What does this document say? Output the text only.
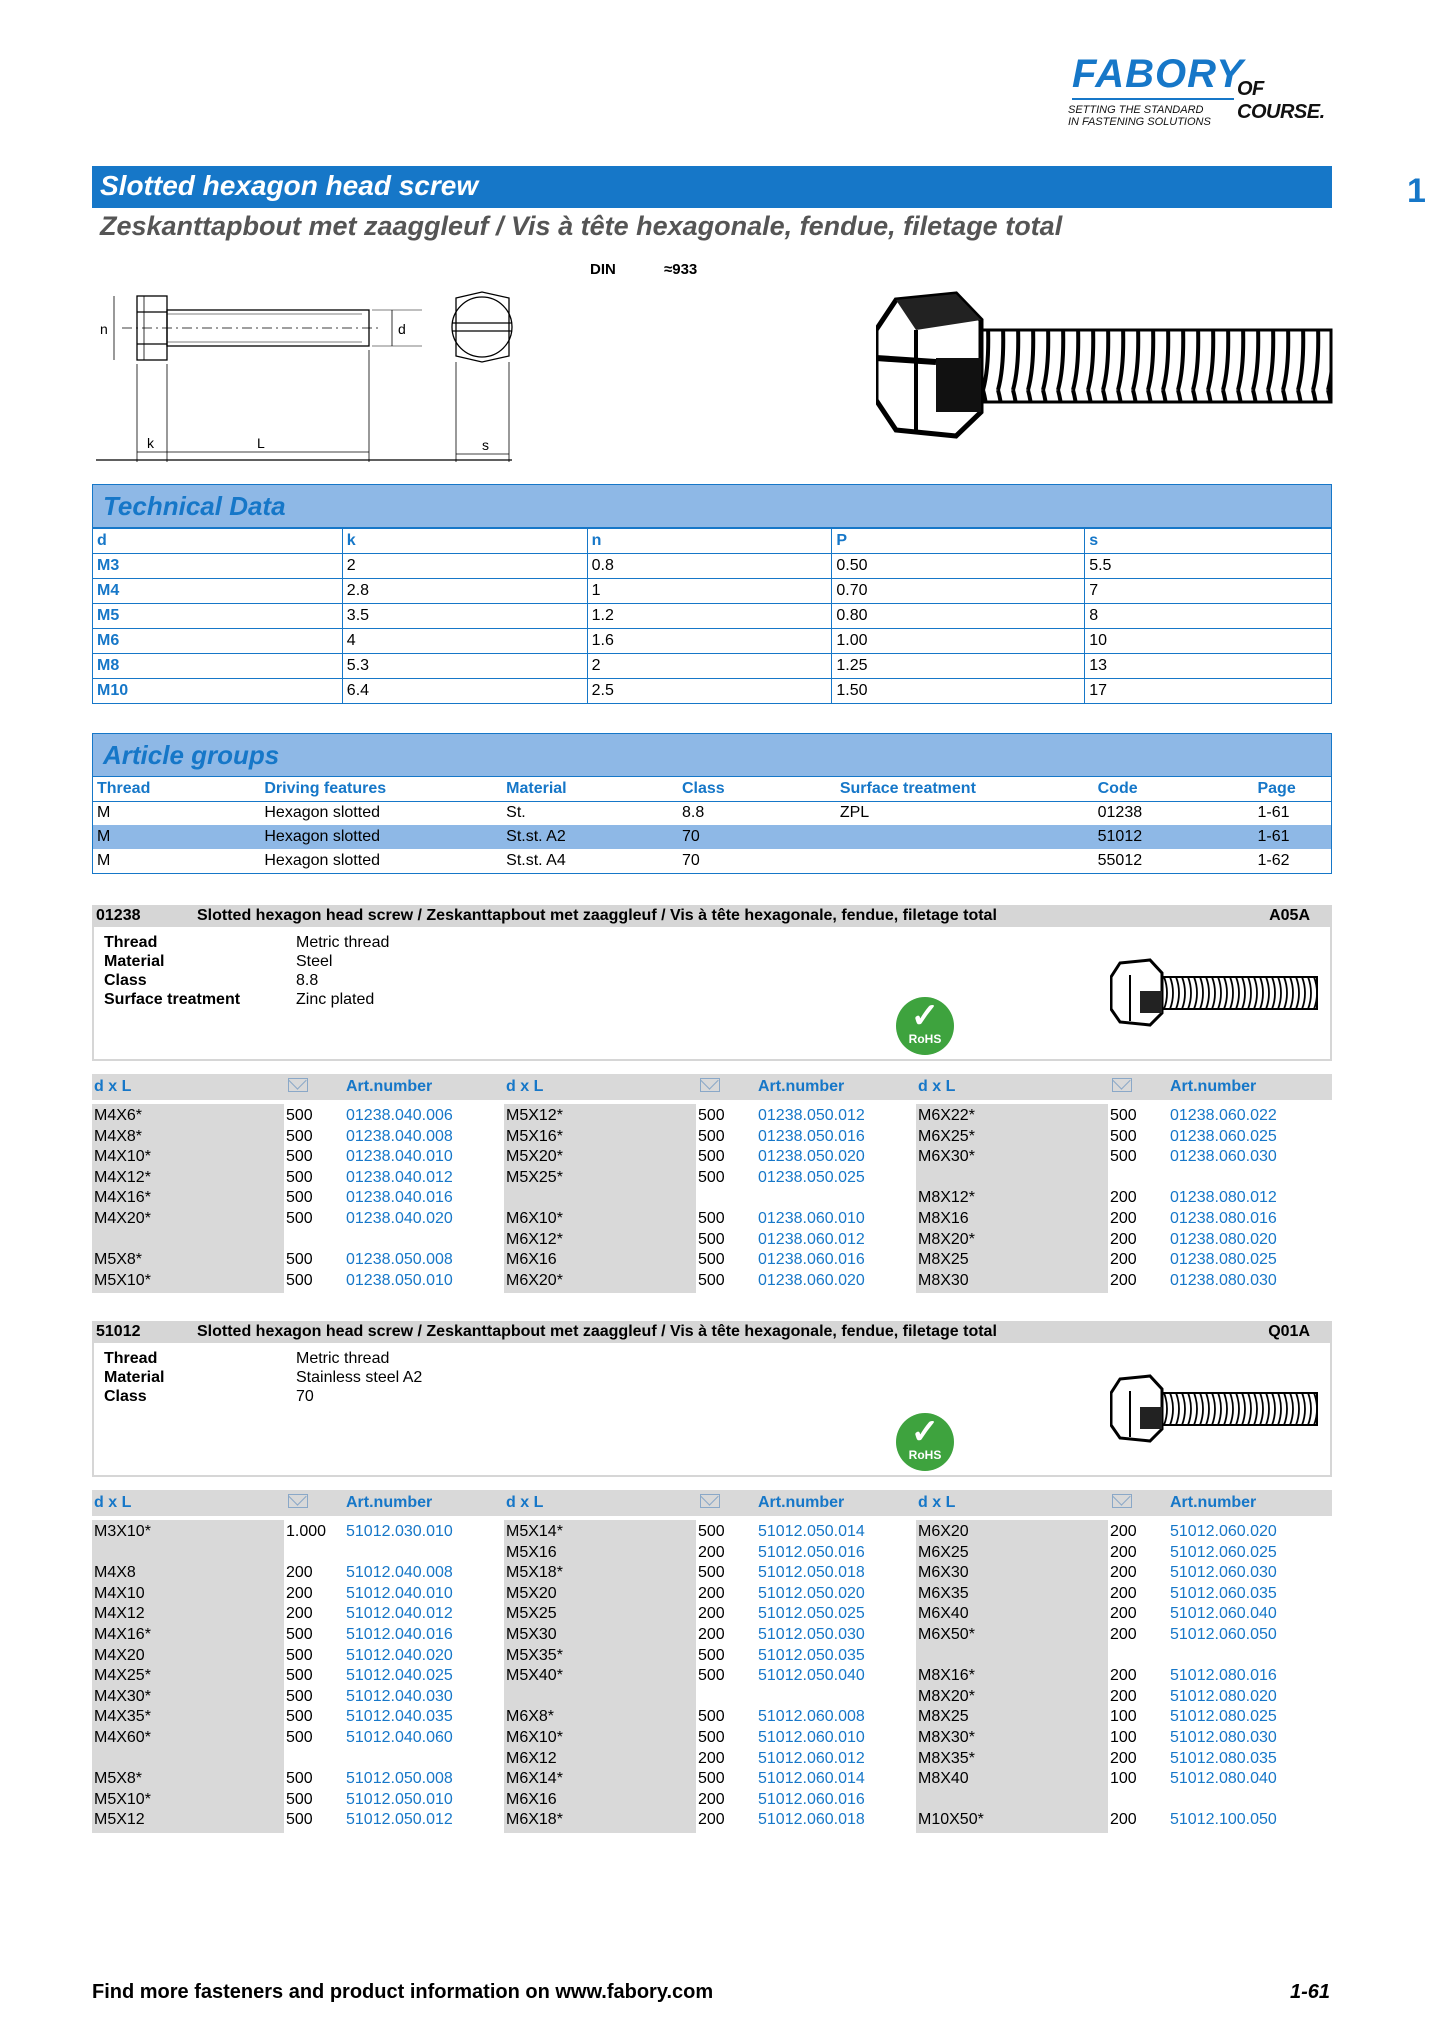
FABORY
OF COURSE.
SETTING THE STANDARD
IN FASTENING SOLUTIONS
1
Slotted hexagon head screw
Zeskanttapbout met zaaggleuf / Vis à tête hexagonale, fendue, filetage total
DIN	≈933
n	d
k	L	s
Technical Data
d	k	n	P	s
M3	2	0.8	0.50	5.5
M4	2.8	1	0.70	7
M5	3.5	1.2	0.80	8
M6	4	1.6	1.00	10
M8	5.3	2	1.25	13
M10	6.4	2.5	1.50	17
Article groups
Thread	Driving features	Material	Class	Surface treatment	Code	Page
M	Hexagon slotted	St.	8.8	ZPL	01238	1-61
M	Hexagon slotted	St.st. A2	70		51012	1-61
M	Hexagon slotted	St.st. A4	70		55012	1-62
01238	Slotted hexagon head screw / Zeskanttapbout met zaaggleuf / Vis à tête hexagonale, fendue, filetage total	A05A
Thread	Metric thread
Material	Steel
Class	8.8
Surface treatment	Zinc plated	✓
RoHS
d x L	Art.number	d x L	Art.number	d x L	Art.number
M4X6*	500 01238.040.006
M4X8*	500 01238.040.008
M4X10*	500 01238.040.010
M4X12*	500 01238.040.012
M4X16*	500 01238.040.016
M4X20*	500 01238.040.020
M5X8*	500 01238.050.008
M5X10*	500 01238.050.010
M5X12*	500 01238.050.012
M5X16*	500 01238.050.016
M5X20*	500 01238.050.020
M5X25*	500 01238.050.025
M6X10*	500 01238.060.010
M6X12*	500 01238.060.012
M6X16	500 01238.060.016
M6X20*	500 01238.060.020
M6X22*	500 01238.060.022
M6X25*	500 01238.060.025
M6X30*	500 01238.060.030
M8X12*	200 01238.080.012
M8X16	200 01238.080.016
M8X20*	200 01238.080.020
M8X25	200 01238.080.025
M8X30	200 01238.080.030
51012	Slotted hexagon head screw / Zeskanttapbout met zaaggleuf / Vis à tête hexagonale, fendue, filetage total	Q01A
Thread	Metric thread
Material	Stainless steel A2
Class	70
✓
RoHS
d x L	Art.number	d x L	Art.number	d x L	Art.number
M3X10*	1.000 51012.030.010
M4X8	200 51012.040.008
M4X10	200 51012.040.010
M4X12	200 51012.040.012
M4X16*	500 51012.040.016
M4X20	500 51012.040.020
M4X25*	500 51012.040.025
M4X30*	500 51012.040.030
M4X35*	500 51012.040.035
M4X60*	500 51012.040.060
M5X8*	500 51012.050.008
M5X10*	500 51012.050.010
M5X12	500 51012.050.012
M5X14*	500 51012.050.014
M5X16	200 51012.050.016
M5X18*	500 51012.050.018
M5X20	200 51012.050.020
M5X25	200 51012.050.025
M5X30	200 51012.050.030
M5X35*	500 51012.050.035
M5X40*	500 51012.050.040
M6X8*	500 51012.060.008
M6X10*	500 51012.060.010
M6X12	200 51012.060.012
M6X14*	500 51012.060.014
M6X16	200 51012.060.016
M6X18*	200 51012.060.018
M6X20	200 51012.060.020
M6X25	200 51012.060.025
M6X30	200 51012.060.030
M6X35	200 51012.060.035
M6X40	200 51012.060.040
M6X50*	200 51012.060.050
M8X16*	200 51012.080.016
M8X20*	200 51012.080.020
M8X25	100 51012.080.025
M8X30*	100 51012.080.030
M8X35*	200 51012.080.035
M8X40	100 51012.080.040
M10X50*	200 51012.100.050
Find more fasteners and product information on www.fabory.com	1-61
